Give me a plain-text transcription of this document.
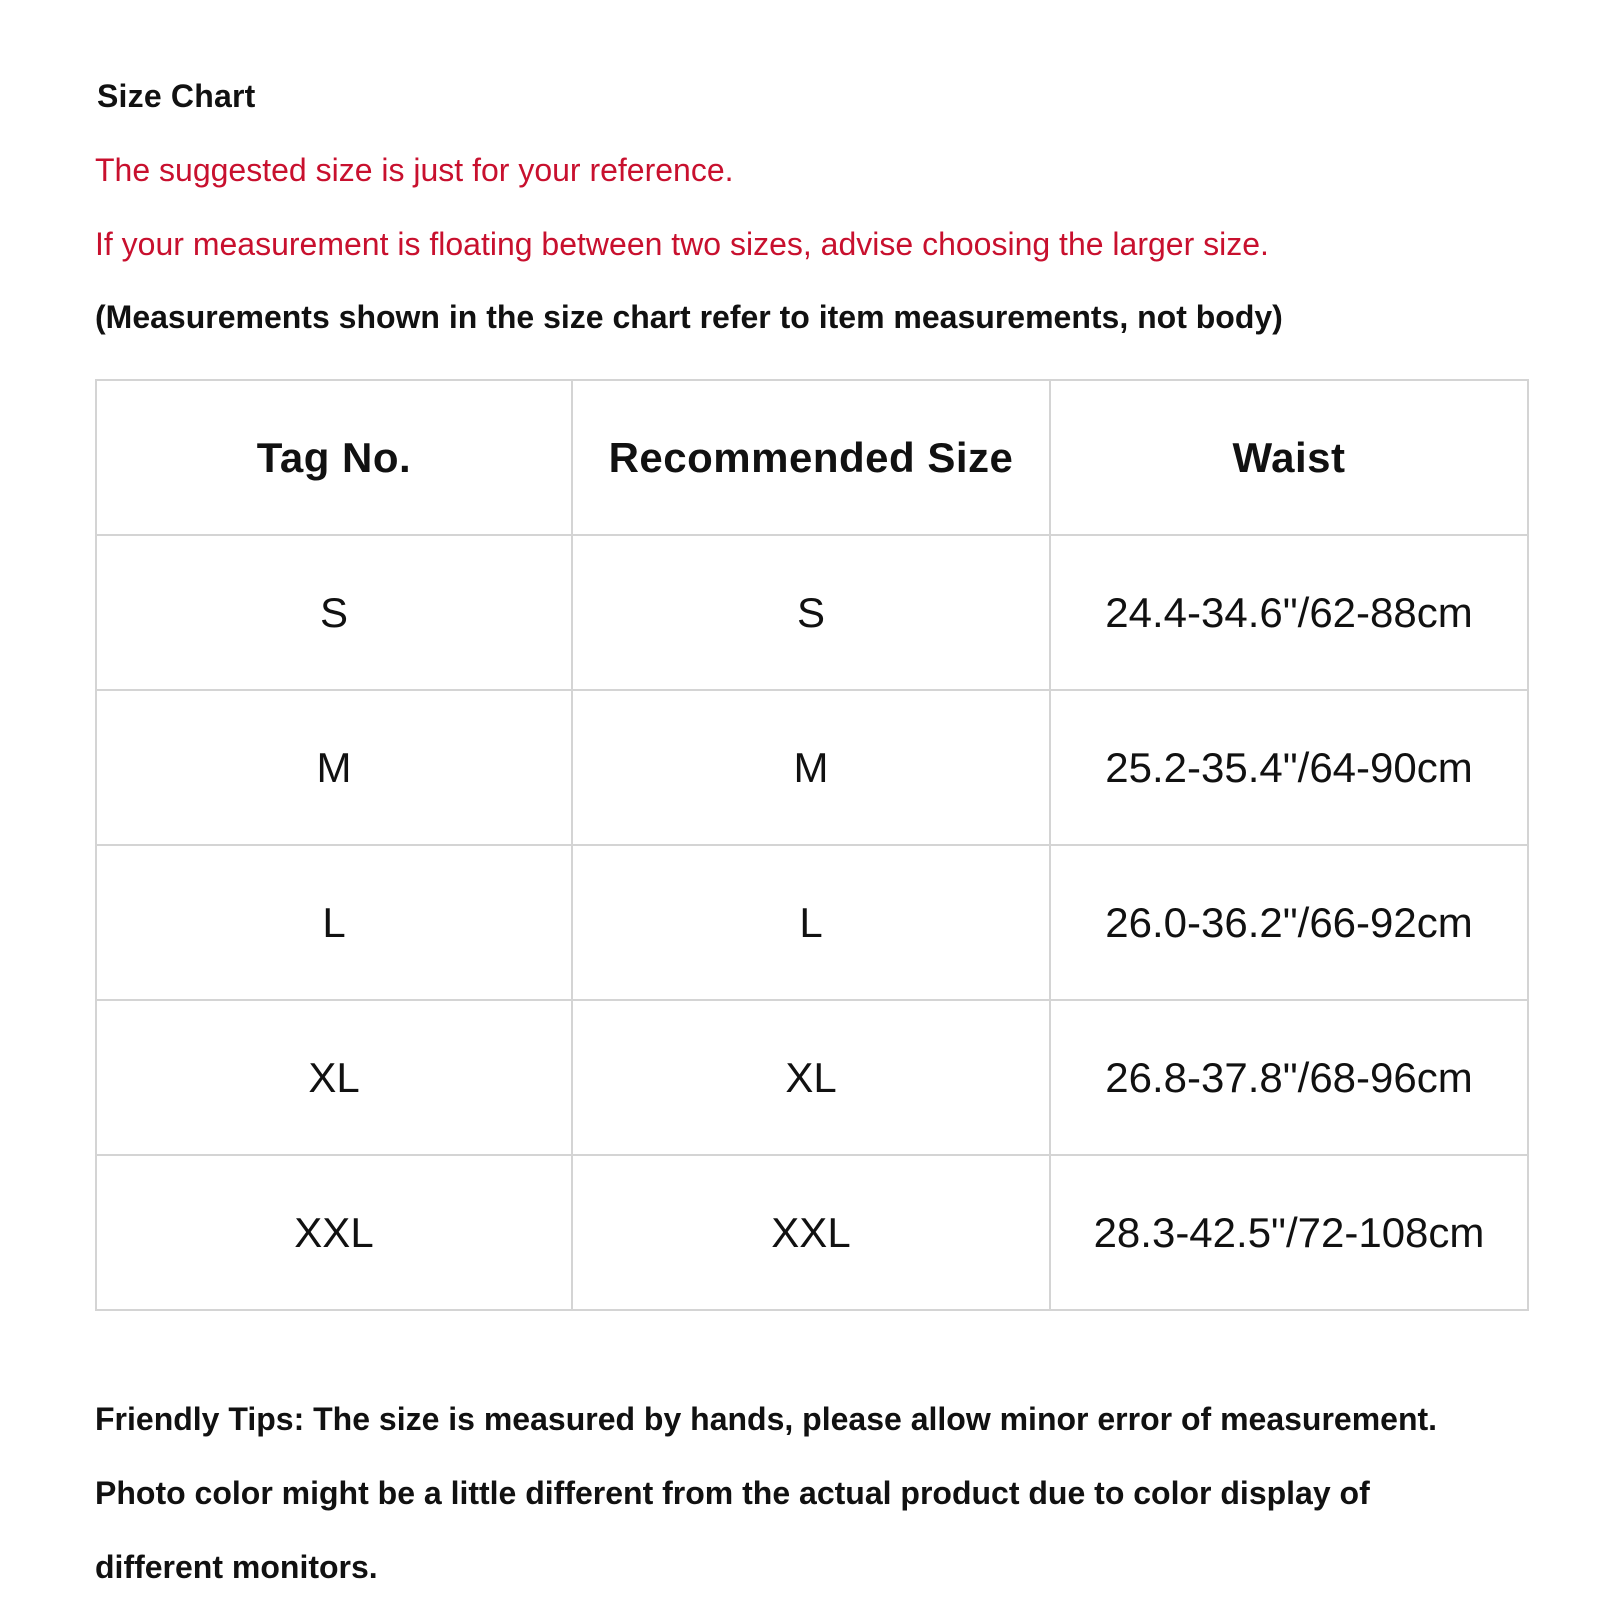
Size Chart
The suggested size is just for your reference.
If your measurement is floating between two sizes, advise choosing the larger size.
(Measurements shown in the size chart refer to item measurements, not body)
Tag No.	Recommended Size	Waist
S	S	24.4-34.6"/62-88cm
M	M	25.2-35.4"/64-90cm
L	L	26.0-36.2"/66-92cm
XL	XL	26.8-37.8"/68-96cm
XXL	XXL	28.3-42.5"/72-108cm
Friendly Tips: The size is measured by hands, please allow minor error of measurement.
Photo color might be a little different from the actual product due to color display of
different monitors.
